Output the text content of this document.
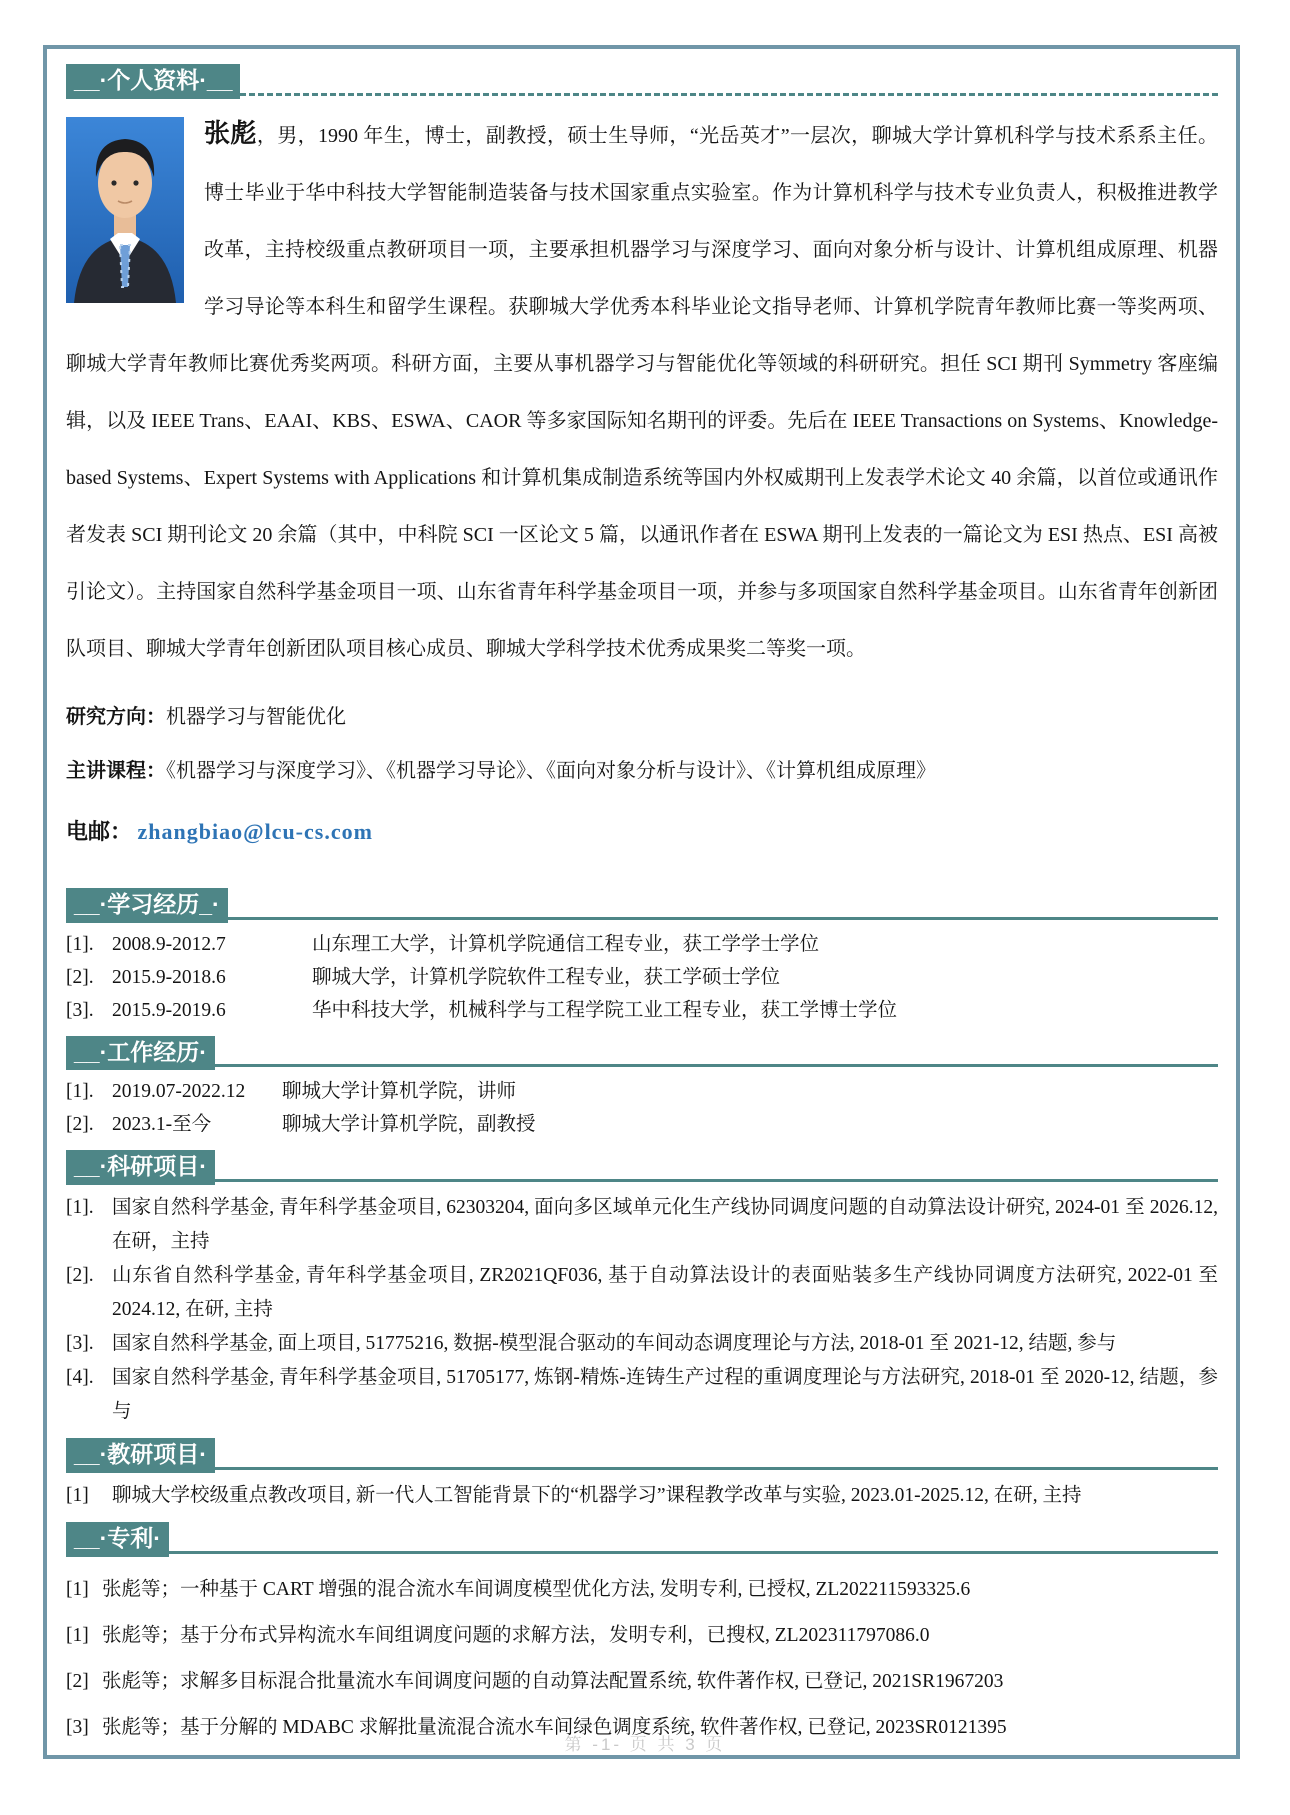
__·个人资料·__
张彪，男，1990 年生，博士，副教授，硕士生导师，“光岳英才”一层次，聊城大学计算机科学与技术系系主任。博士毕业于华中科技大学智能制造装备与技术国家重点实验室。作为计算机科学与技术专业负责人，积极推进教学改革，主持校级重点教研项目一项，主要承担机器学习与深度学习、面向对象分析与设计、计算机组成原理、机器学习导论等本科生和留学生课程。获聊城大学优秀本科毕业论文指导老师、计算机学院青年教师比赛一等奖两项、聊城大学青年教师比赛优秀奖两项。科研方面，主要从事机器学习与智能优化等领域的科研研究。担任 SCI 期刊 Symmetry 客座编辑，以及 IEEE Trans、EAAI、KBS、ESWA、CAOR 等多家国际知名期刊的评委。先后在 IEEE Transactions on Systems、Knowledge-based Systems、Expert Systems with Applications 和计算机集成制造系统等国内外权威期刊上发表学术论文 40 余篇，以首位或通讯作者发表 SCI 期刊论文 20 余篇（其中，中科院 SCI 一区论文 5 篇，以通讯作者在 ESWA 期刊上发表的一篇论文为 ESI 热点、ESI 高被引论文）。主持国家自然科学基金项目一项、山东省青年科学基金项目一项，并参与多项国家自然科学基金项目。山东省青年创新团队项目、聊城大学青年创新团队项目核心成员、聊城大学科学技术优秀成果奖二等奖一项。
研究方向：机器学习与智能优化
主讲课程：《机器学习与深度学习》、《机器学习导论》、《面向对象分析与设计》、《计算机组成原理》
电邮： zhangbiao@lcu-cs.com
__·学习经历_·
[1]. 2008.9-2012.7	山东理工大学，计算机学院通信工程专业，获工学学士学位
[2]. 2015.9-2018.6	聊城大学，计算机学院软件工程专业，获工学硕士学位
[3]. 2015.9-2019.6	华中科技大学，机械科学与工程学院工业工程专业，获工学博士学位
__·工作经历·
[1]. 2019.07-2022.12	聊城大学计算机学院，讲师
[2]. 2023.1-至今	聊城大学计算机学院，副教授
__·科研项目·
[1]. 国家自然科学基金, 青年科学基金项目, 62303204, 面向多区域单元化生产线协同调度问题的自动算法设计研究, 2024-01 至 2026.12, 在研，主持
[2]. 山东省自然科学基金, 青年科学基金项目, ZR2021QF036, 基于自动算法设计的表面贴装多生产线协同调度方法研究, 2022-01 至 2024.12, 在研, 主持
[3]. 国家自然科学基金, 面上项目, 51775216, 数据-模型混合驱动的车间动态调度理论与方法, 2018-01 至 2021-12, 结题, 参与
[4]. 国家自然科学基金, 青年科学基金项目, 51705177, 炼钢-精炼-连铸生产过程的重调度理论与方法研究, 2018-01 至 2020-12, 结题，参与
__·教研项目·
[1]	聊城大学校级重点教改项目, 新一代人工智能背景下的“机器学习”课程教学改革与实验, 2023.01-2025.12, 在研, 主持
__·专利·
[1] 张彪等；一种基于 CART 增强的混合流水车间调度模型优化方法, 发明专利, 已授权, ZL202211593325.6
[1] 张彪等；基于分布式异构流水车间组调度问题的求解方法，发明专利，已搜权, ZL202311797086.0
[2] 张彪等；求解多目标混合批量流水车间调度问题的自动算法配置系统, 软件著作权, 已登记, 2021SR1967203
[3] 张彪等；基于分解的 MDABC 求解批量流混合流水车间绿色调度系统, 软件著作权, 已登记, 2023SR0121395
第 -1- 页 共 3 页
